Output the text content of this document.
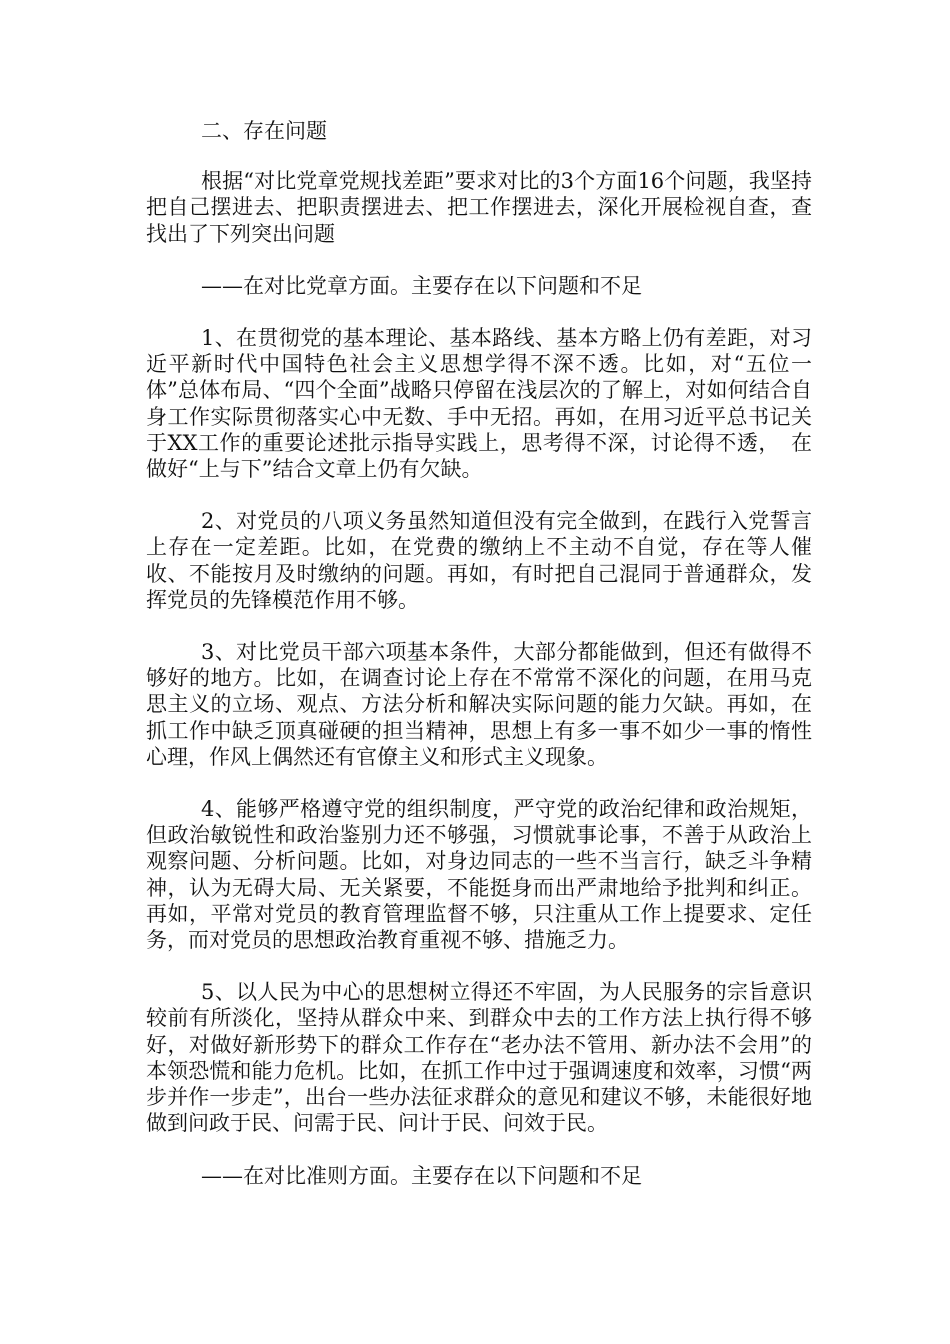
二、存在问题

根据“对比党章党规找差距”要求对比的3个方面16个问题，我坚持把自己摆进去、把职责摆进去、把工作摆进去，深化开展检视自查，查找出了下列突出问题

——在对比党章方面。主要存在以下问题和不足

1、在贯彻党的基本理论、基本路线、基本方略上仍有差距，对习近平新时代中国特色社会主义思想学得不深不透。比如，对“五位一体”总体布局、“四个全面”战略只停留在浅层次的了解上，对如何结合自身工作实际贯彻落实心中无数、手中无招。再如，在用习近平总书记关于XX工作的重要论述批示指导实践上，思考得不深，讨论得不透，　在做好“上与下”结合文章上仍有欠缺。

2、对党员的八项义务虽然知道但没有完全做到，在践行入党誓言上存在一定差距。比如，在党费的缴纳上不主动不自觉，存在等人催收、不能按月及时缴纳的问题。再如，有时把自己混同于普通群众，发挥党员的先锋模范作用不够。

3、对比党员干部六项基本条件，大部分都能做到，但还有做得不够好的地方。比如，在调查讨论上存在不常常不深化的问题，在用马克思主义的立场、观点、方法分析和解决实际问题的能力欠缺。再如，在抓工作中缺乏顶真碰硬的担当精神，思想上有多一事不如少一事的惰性心理，作风上偶然还有官僚主义和形式主义现象。

4、能够严格遵守党的组织制度，严守党的政治纪律和政治规矩，但政治敏锐性和政治鉴别力还不够强，习惯就事论事，不善于从政治上观察问题、分析问题。比如，对身边同志的一些不当言行，缺乏斗争精神，认为无碍大局、无关紧要，不能挺身而出严肃地给予批判和纠正。再如，平常对党员的教育管理监督不够，只注重从工作上提要求、定任务，而对党员的思想政治教育重视不够、措施乏力。

5、以人民为中心的思想树立得还不牢固，为人民服务的宗旨意识较前有所淡化，坚持从群众中来、到群众中去的工作方法上执行得不够好，对做好新形势下的群众工作存在“老办法不管用、新办法不会用”的本领恐慌和能力危机。比如，在抓工作中过于强调速度和效率，习惯“两步并作一步走”，出台一些办法征求群众的意见和建议不够，未能很好地做到问政于民、问需于民、问计于民、问效于民。

——在对比准则方面。主要存在以下问题和不足
